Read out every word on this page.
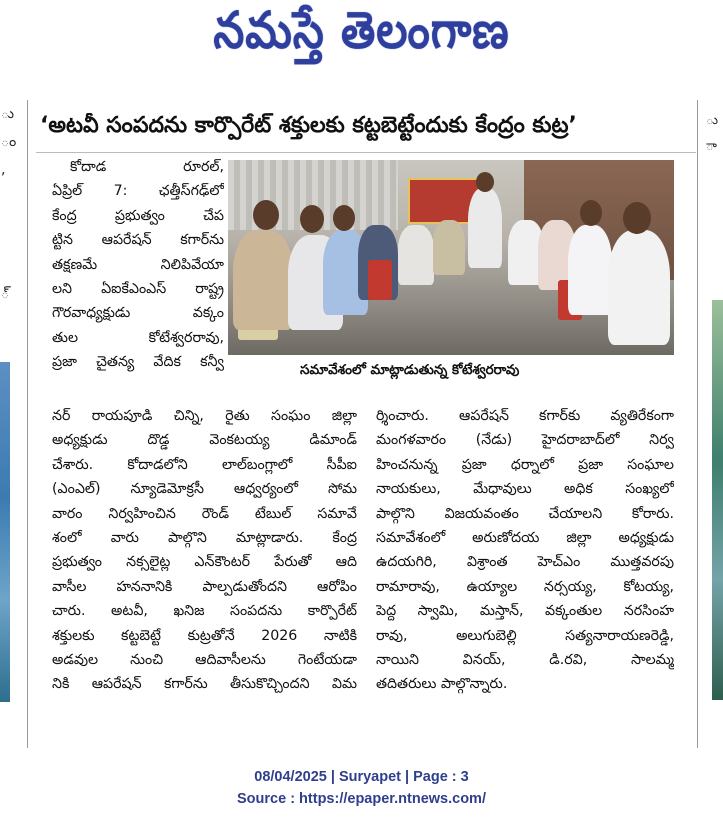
నమస్తే తెలంగాణ
ు
ం
,
్
ు
ా
‘అటవీ సంపదను కార్పొరేట్ శక్తులకు కట్టబెట్టేందుకు కేంద్రం కుట్ర’
సమావేశంలో మాట్లాడుతున్న కోటేశ్వరరావు
కోదాడ రూరల్,
ఏప్రిల్ 7: ఛత్తీస్‌గఢ్‌లో
కేంద్ర ప్రభుత్వం చేప
ట్టిన ఆపరేషన్ కగార్‌ను
తక్షణమే నిలిపివేయా
లని ఏఐకేఎంఎస్ రాష్ట్ర
గౌరవాధ్యక్షుడు వక్కం
తుల కోటేశ్వరరావు,
ప్రజా చైతన్య వేదిక కన్వీ
నర్ రాయపూడి చిన్ని, రైతు సంఘం జిల్లా
అధ్యక్షుడు దొడ్డ వెంకటయ్య డిమాండ్
చేశారు. కోదాడలోని లాల్‌బంగ్లాలో సీపీఐ
(ఎంఎల్) న్యూడెమోక్రసీ ఆధ్వర్యంలో సోమ
వారం నిర్వహించిన రౌండ్ టేబుల్ సమావే
శంలో వారు పాల్గొని మాట్లాడారు. కేంద్ర
ప్రభుత్వం నక్సలైట్ల ఎన్‌కౌంటర్ పేరుతో ఆది
వాసీల హననానికి పాల్పడుతోందని ఆరోపిం
చారు. అటవీ, ఖనిజ సంపదను కార్పొరేట్
శక్తులకు కట్టబెట్టే కుట్రతోనే 2026 నాటికి
అడవుల నుంచి ఆదివాసీలను గెంటేయడా
నికి ఆపరేషన్ కగార్‌ను తీసుకొచ్చిందని విమ
ర్శించారు. ఆపరేషన్ కగార్‌కు వ్యతిరేకంగా
మంగళవారం (నేడు) హైదరాబాద్‌లో నిర్వ
హించనున్న ప్రజా ధర్నాలో ప్రజా సంఘాల
నాయకులు, మేధావులు అధిక సంఖ్యలో
పాల్గొని విజయవంతం చేయాలని కోరారు.
సమావేశంలో అరుణోదయ జిల్లా అధ్యక్షుడు
ఉదయగిరి, విశ్రాంత హెచ్ఎం ముత్తవరపు
రామారావు, ఉయ్యాల నర్సయ్య, కోటయ్య,
పెద్ద స్వామి, మస్తాన్, వక్కంతుల నరసింహ
రావు, అలుగుబెల్లి సత్యనారాయణరెడ్డి,
నాయిని వినయ్, డి.రవి, సాలమ్మ
తదితరులు పాల్గొన్నారు.
08/04/2025 | Suryapet | Page : 3
Source : https://epaper.ntnews.com/
